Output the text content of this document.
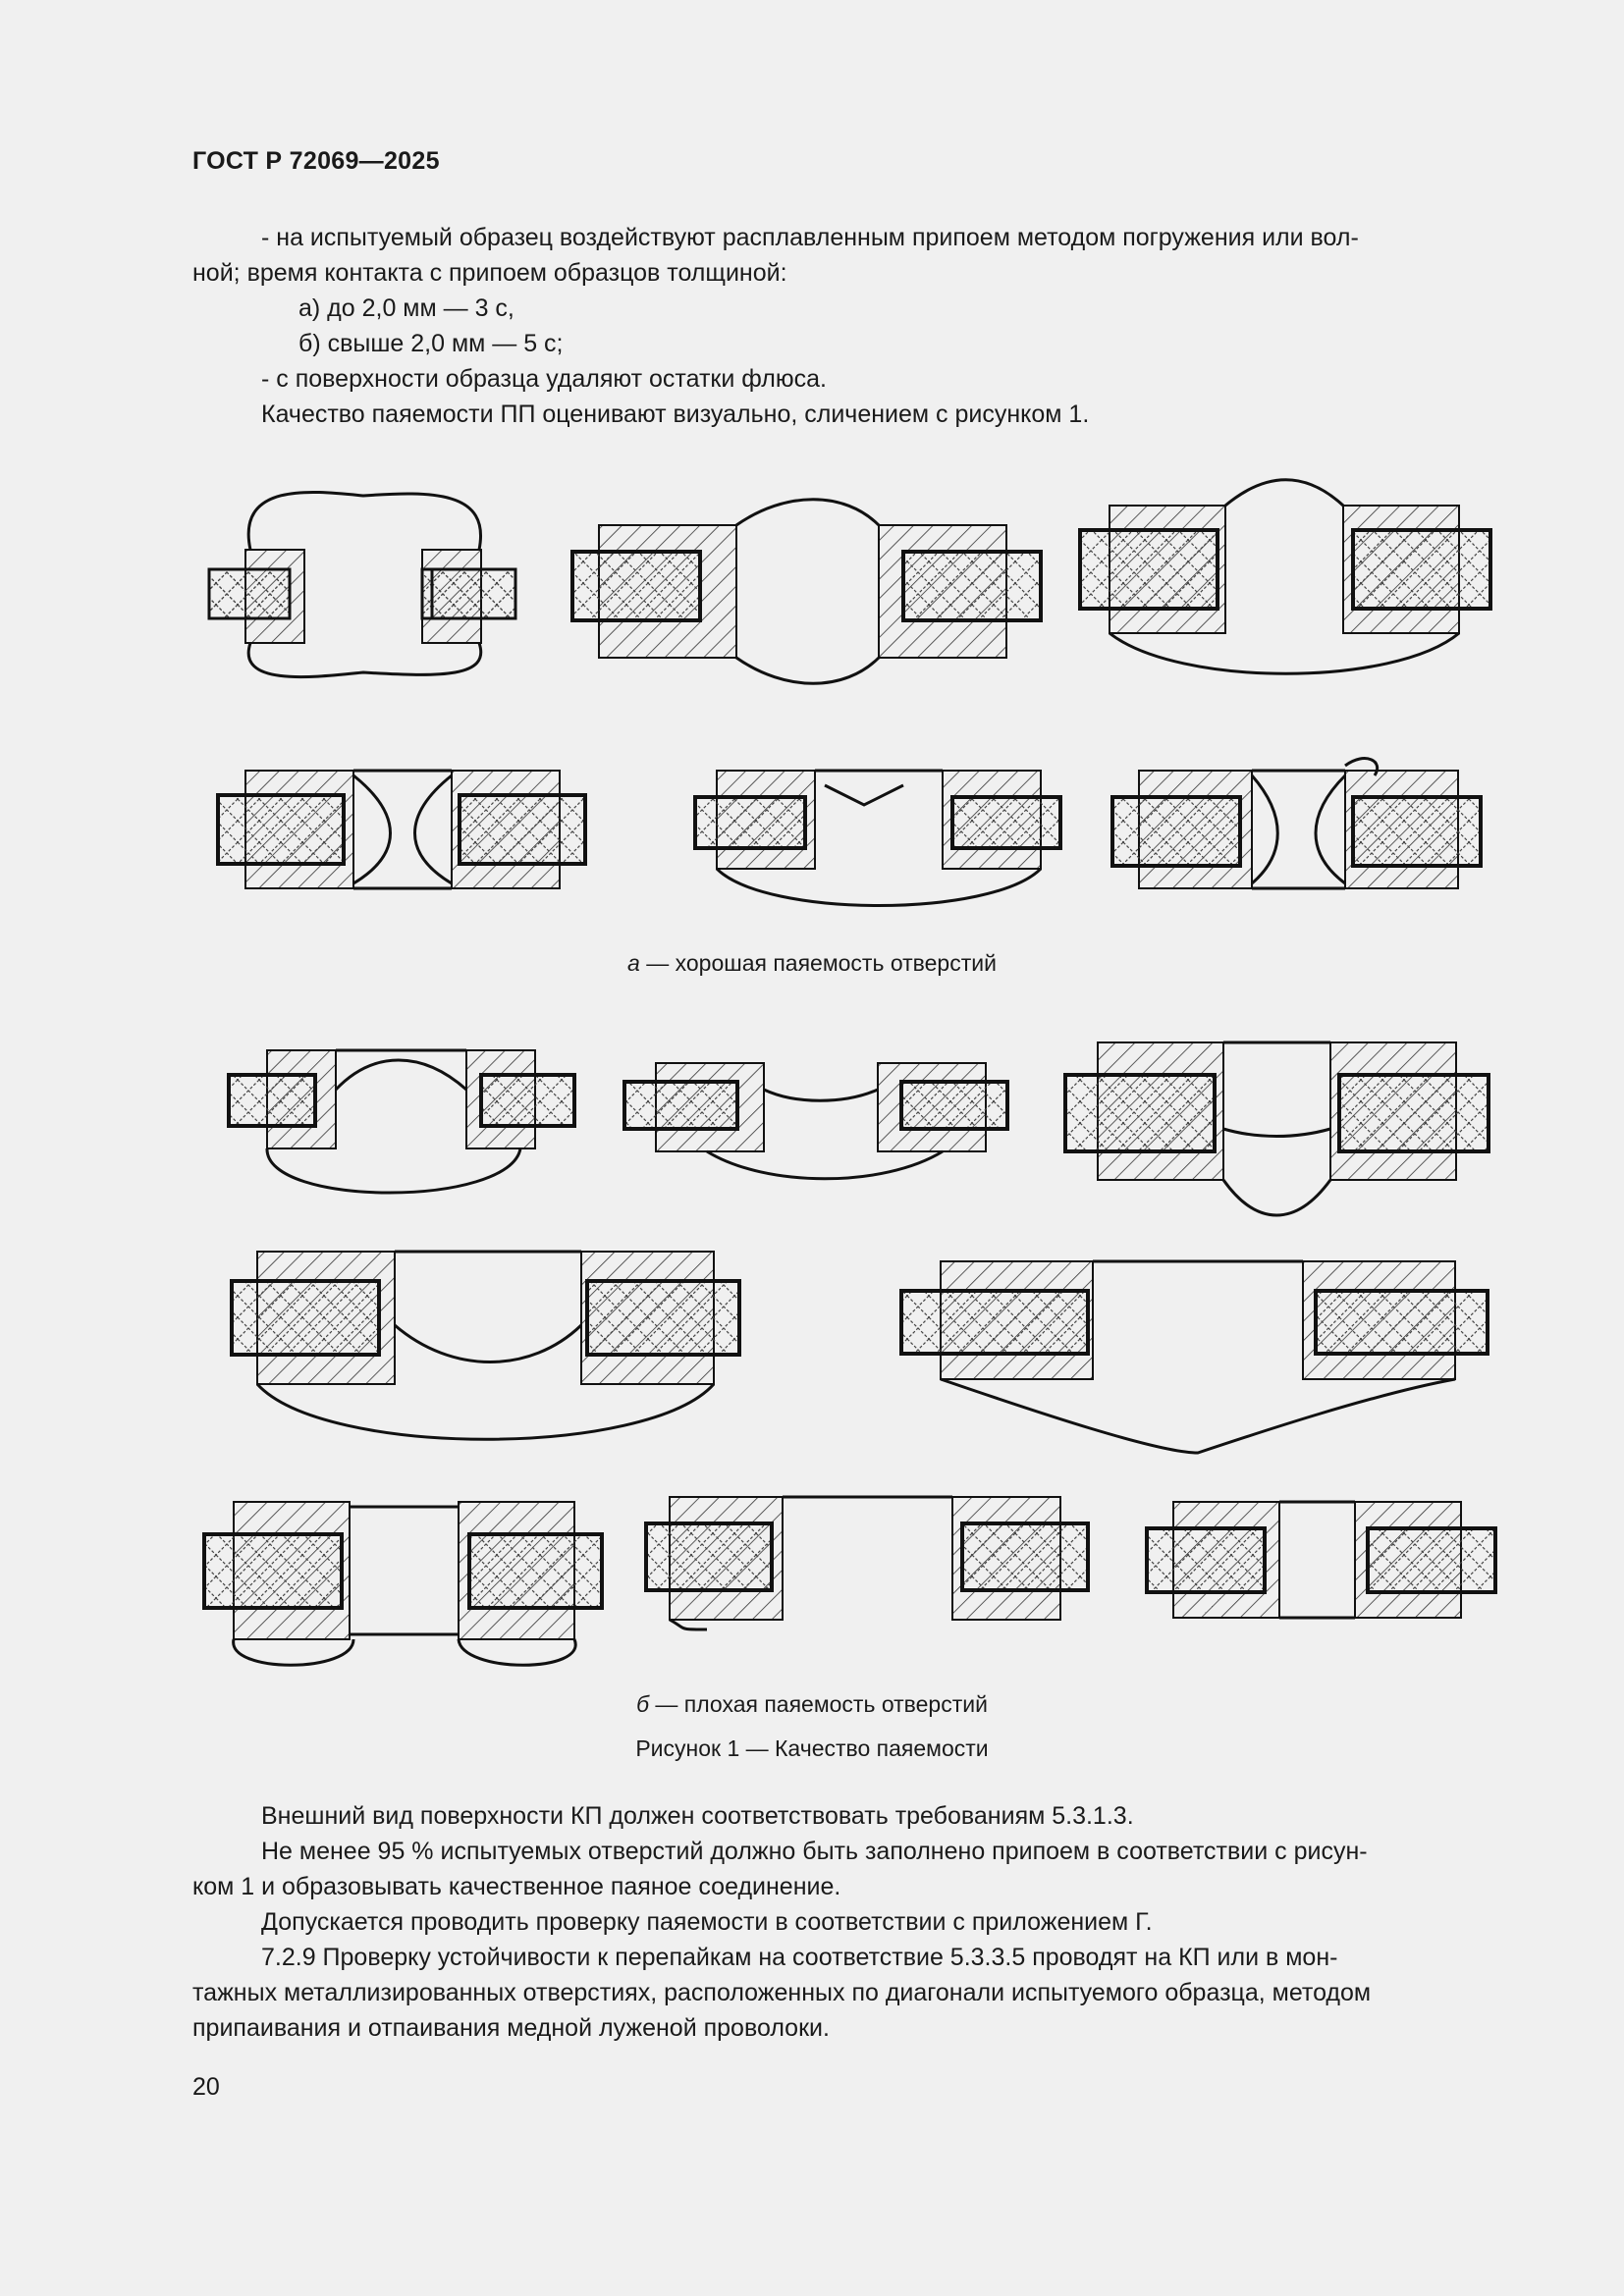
ГОСТ Р 72069—2025

- на испытуемый образец воздействуют расплавленным припоем методом погружения или вол-

ной; время контакта с припоем образцов толщиной:

а) до 2,0 мм — 3 с,

б) свыше 2,0 мм — 5 с;

- с поверхности образца удаляют остатки флюса.

Качество паяемости ПП оценивают визуально, сличением с рисунком 1.

а — хорошая паяемость отверстий
б — плохая паяемость отверстий
Рисунок 1 — Качество паяемости

Внешний вид поверхности КП должен соответствовать требованиям 5.3.1.3.

Не менее 95 % испытуемых отверстий должно быть заполнено припоем в соответствии с рисун-

ком 1 и образовывать качественное паяное соединение.

Допускается проводить проверку паяемости в соответствии с приложением Г.

7.2.9 Проверку устойчивости к перепайкам на соответствие 5.3.3.5 проводят на КП или в мон-

тажных металлизированных отверстиях, расположенных по диагонали испытуемого образца, методом

припаивания и отпаивания медной луженой проволоки.

20
